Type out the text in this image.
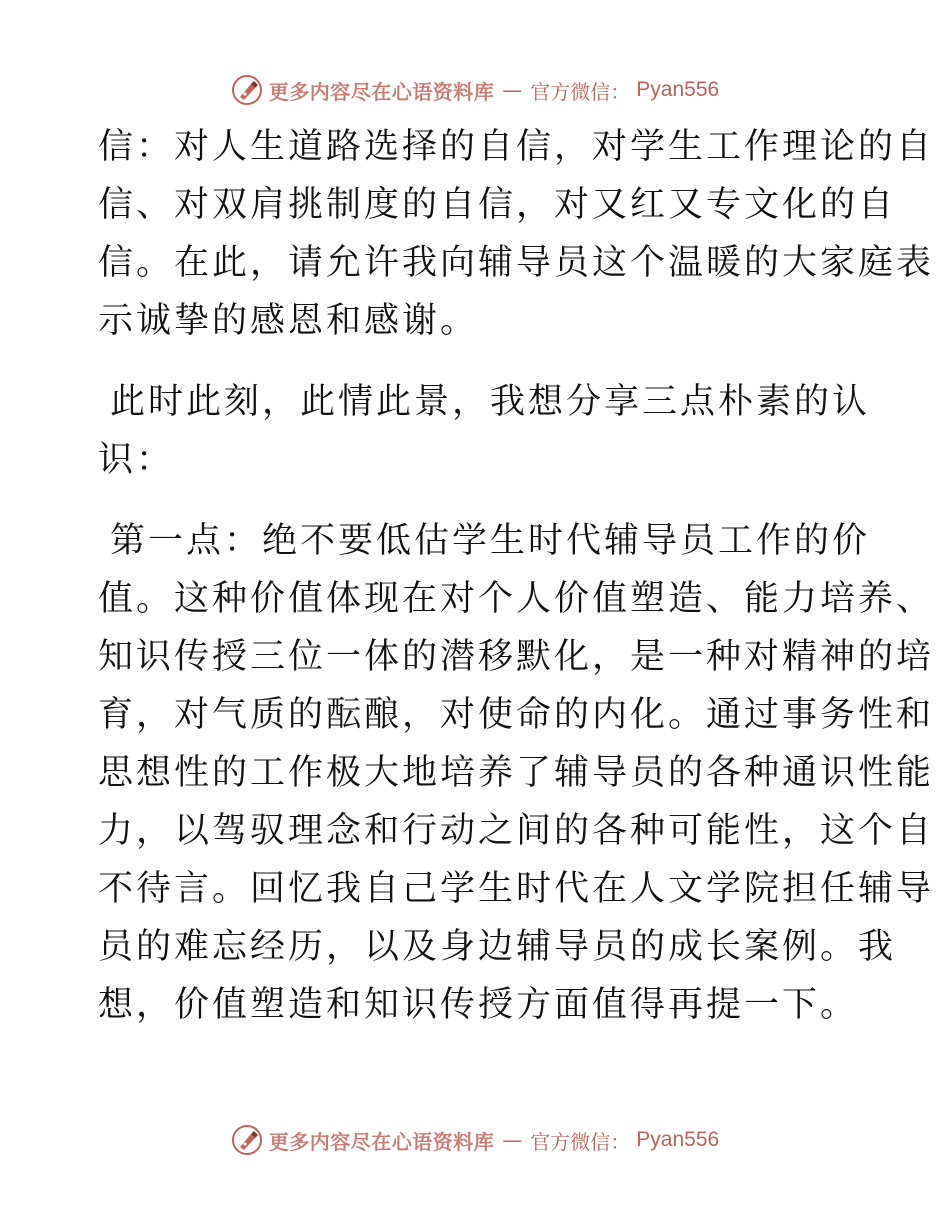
更多内容尽在心语资料库 — 官方微信： Pyan556

信：对人生道路选择的自信，对学生工作理论的自
信、对双肩挑制度的自信，对又红又专文化的自
信。在此，请允许我向辅导员这个温暖的大家庭表
示诚挚的感恩和感谢。

此时此刻，此情此景，我想分享三点朴素的认
识：

第一点：绝不要低估学生时代辅导员工作的价
值。这种价值体现在对个人价值塑造、能力培养、
知识传授三位一体的潜移默化，是一种对精神的培
育，对气质的酝酿，对使命的内化。通过事务性和
思想性的工作极大地培养了辅导员的各种通识性能
力，以驾驭理念和行动之间的各种可能性，这个自
不待言。回忆我自己学生时代在人文学院担任辅导
员的难忘经历，以及身边辅导员的成长案例。我
想，价值塑造和知识传授方面值得再提一下。

更多内容尽在心语资料库 — 官方微信： Pyan556
